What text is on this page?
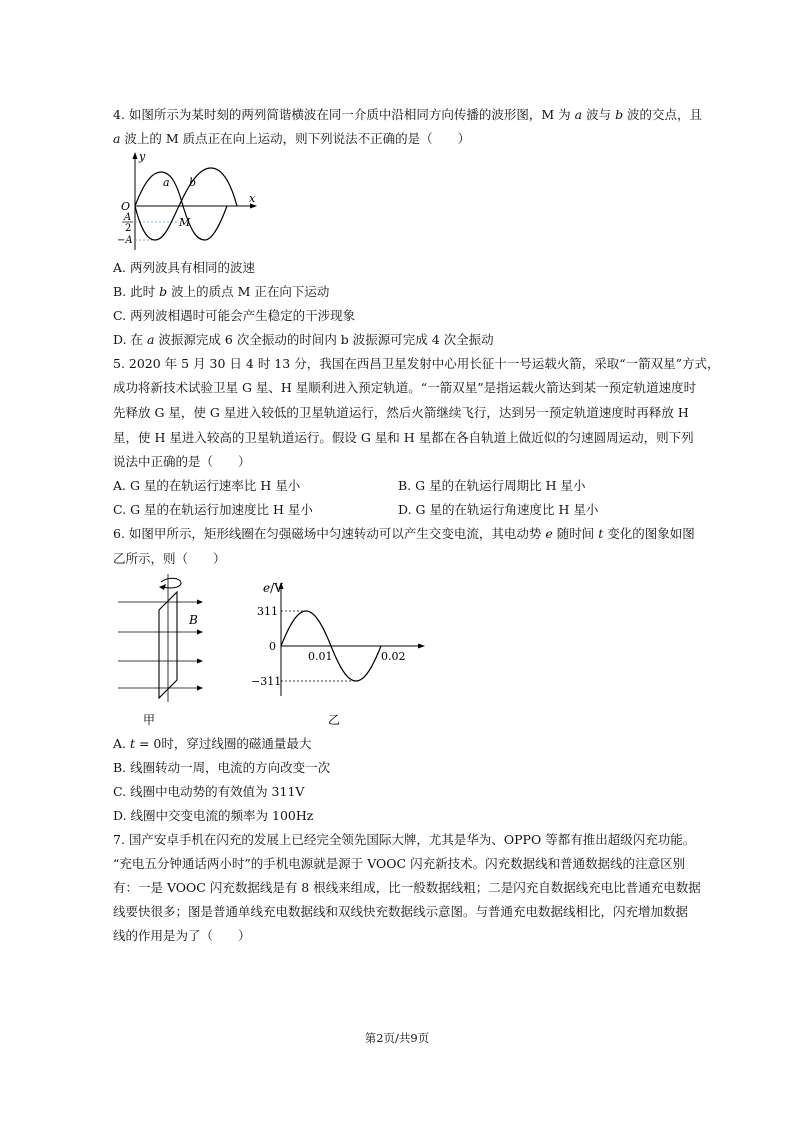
4. 如图所示为某时刻的两列简谐横波在同一介质中沿相同方向传播的波形图，M 为 a 波与 b 波的交点，且
a 波上的 M 质点正在向上运动，则下列说法不正确的是（　　）
y
x
O
a b
M
A
2
−A
A. 两列波具有相同的波速
B. 此时 b 波上的质点 M 正在向下运动
C. 两列波相遇时可能会产生稳定的干涉现象
D. 在 a 波振源完成 6 次全振动的时间内 b 波振源可完成 4 次全振动
5. 2020 年 5 月 30 日 4 时 13 分，我国在西昌卫星发射中心用长征十一号运载火箭，采取“一箭双星”方式，
成功将新技术试验卫星 G 星、H 星顺利进入预定轨道。“一箭双星”是指运载火箭达到某一预定轨道速度时
先释放 G 星，使 G 星进入较低的卫星轨道运行，然后火箭继续飞行，达到另一预定轨道速度时再释放 H
星，使 H 星进入较高的卫星轨道运行。假设 G 星和 H 星都在各自轨道上做近似的匀速圆周运动，则下列
说法中正确的是（　　）
A. G 星的在轨运行速率比 H 星小	B. G 星的在轨运行周期比 H 星小
C. G 星的在轨运行加速度比 H 星小	D. G 星的在轨运行角速度比 H 星小
6. 如图甲所示，矩形线圈在匀强磁场中匀速转动可以产生交变电流，其电动势 e 随时间 t 变化的图象如图
乙所示，则（　　）
B
甲
e/V
311
0
−311
0.01	0.02
乙
A. t = 0时，穿过线圈的磁通量最大
B. 线圈转动一周，电流的方向改变一次
C. 线圈中电动势的有效值为 311V
D. 线圈中交变电流的频率为 100Hz
7. 国产安卓手机在闪充的发展上已经完全领先国际大牌，尤其是华为、OPPO 等都有推出超级闪充功能。
“充电五分钟通话两小时”的手机电源就是源于 VOOC 闪充新技术。闪充数据线和普通数据线的注意区别
有：一是 VOOC 闪充数据线是有 8 根线来组成，比一般数据线粗；二是闪充自数据线充电比普通充电数据
线要快很多；图是普通单线充电数据线和双线快充数据线示意图。与普通充电数据线相比，闪充增加数据
线的作用是为了（　　）
第2页/共9页
